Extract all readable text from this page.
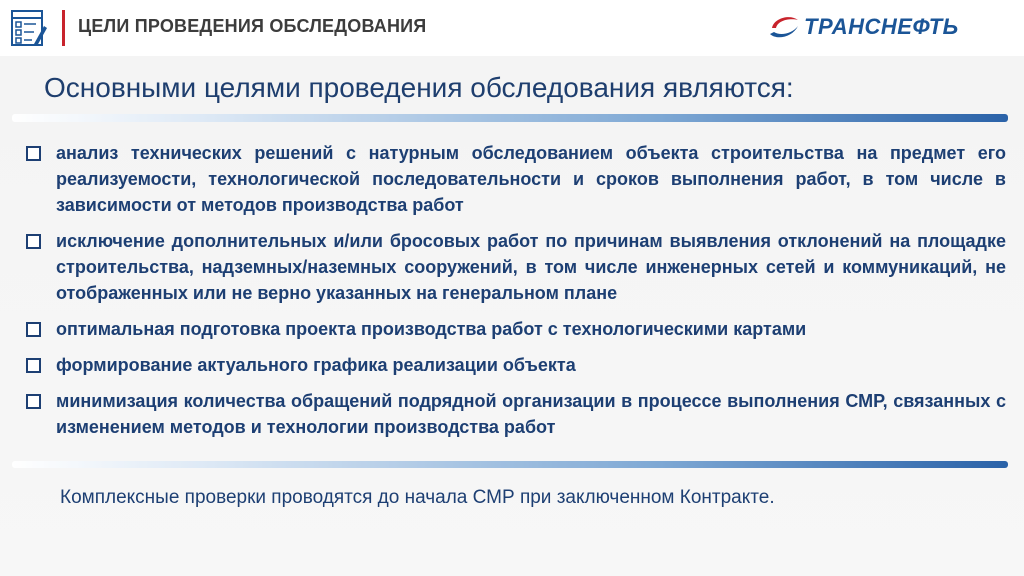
ЦЕЛИ ПРОВЕДЕНИЯ ОБСЛЕДОВАНИЯ	ТРАНСНЕФТЬ
Основными целями проведения обследования являются:
анализ технических решений с натурным обследованием объекта строительства на предмет его реализуемости, технологической последовательности и сроков выполнения работ, в том числе в зависимости от методов производства работ
исключение дополнительных и/или бросовых работ по причинам выявления отклонений на площадке строительства, надземных/наземных сооружений, в том числе инженерных сетей и коммуникаций, не отображенных или не верно указанных на генеральном плане
оптимальная подготовка проекта производства работ с технологическими картами
формирование актуального графика реализации объекта
минимизация количества обращений подрядной организации в процессе выполнения СМР, связанных с изменением методов и технологии производства работ
Комплексные проверки проводятся до начала СМР при заключенном Контракте.
